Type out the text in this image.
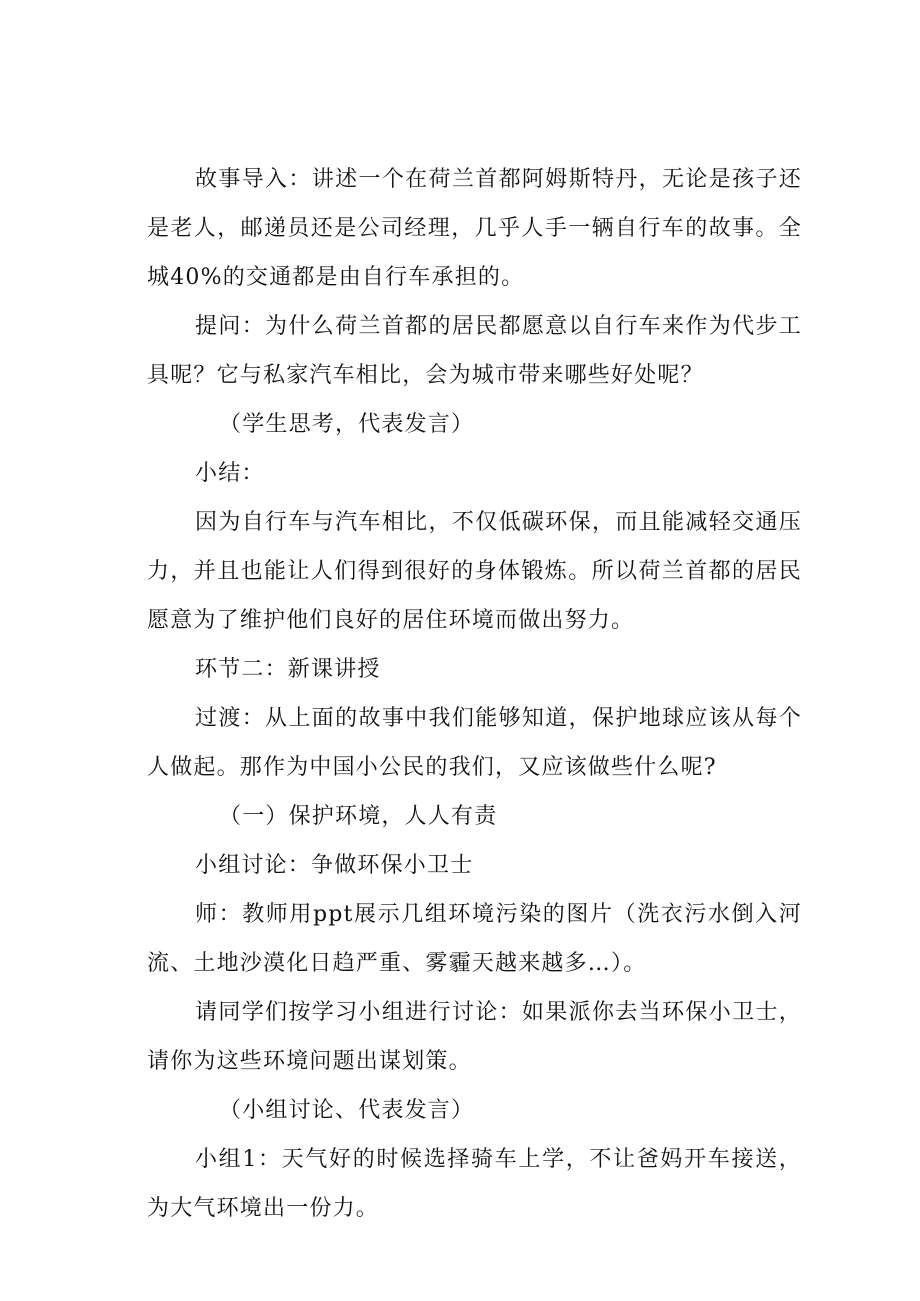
故事导入：讲述一个在荷兰首都阿姆斯特丹，无论是孩子还是老人，邮递员还是公司经理，几乎人手一辆自行车的故事。全城40%的交通都是由自行车承担的。

提问：为什么荷兰首都的居民都愿意以自行车来作为代步工具呢？它与私家汽车相比，会为城市带来哪些好处呢？

（学生思考，代表发言）

小结：

因为自行车与汽车相比，不仅低碳环保，而且能减轻交通压力，并且也能让人们得到很好的身体锻炼。所以荷兰首都的居民愿意为了维护他们良好的居住环境而做出努力。

环节二：新课讲授

过渡：从上面的故事中我们能够知道，保护地球应该从每个人做起。那作为中国小公民的我们，又应该做些什么呢?

（一）保护环境，人人有责

小组讨论：争做环保小卫士

师：教师用ppt展示几组环境污染的图片（洗衣污水倒入河流、土地沙漠化日趋严重、雾霾天越来越多…）。

请同学们按学习小组进行讨论：如果派你去当环保小卫士，请你为这些环境问题出谋划策。

（小组讨论、代表发言）

小组1：天气好的时候选择骑车上学，不让爸妈开车接送，为大气环境出一份力。
